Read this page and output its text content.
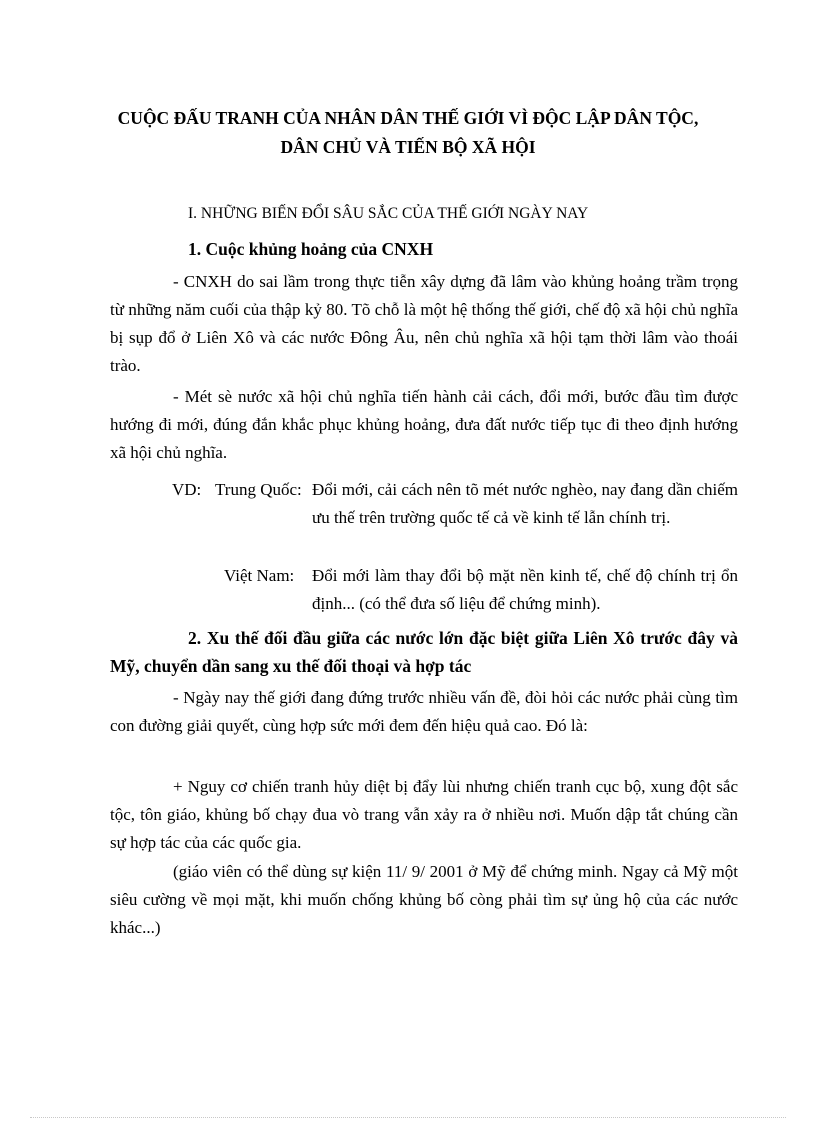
CUỘC ĐẤU TRANH CỦA NHÂN DÂN THẾ GIỚI VÌ ĐỘC LẬP DÂN TỘC, DÂN CHỦ VÀ TIẾN BỘ XÃ HỘI

I. NHỮNG BIẾN ĐỔI SÂU SẮC CỦA THẾ GIỚI NGÀY NAY

1. Cuộc khủng hoảng của CNXH

- CNXH do sai lầm trong thực tiễn xây dựng đã lâm vào khủng hoảng trầm trọng từ những năm cuối của thập kỷ 80. Tõ chỗ là một hệ thống thế giới, chế độ xã hội chủ nghĩa bị sụp đổ ở Liên Xô và các nước Đông Âu, nên chủ nghĩa xã hội tạm thời lâm vào thoái trào.

- Mét sè nước xã hội chủ nghĩa tiến hành cải cách, đổi mới, bước đầu tìm được hướng đi mới, đúng đắn khắc phục khủng hoảng, đưa đất nước tiếp tục đi theo định hướng xã hội chủ nghĩa.

VD: Trung Quốc: Đổi mới, cải cách nên tõ mét nước nghèo, nay đang dần chiếm ưu thế trên trường quốc tế cả về kinh tế lẫn chính trị.

Việt Nam: Đổi mới làm thay đổi bộ mặt nền kinh tế, chế độ chính trị ổn định... (có thể đưa số liệu để chứng minh).

2. Xu thế đối đầu giữa các nước lớn đặc biệt giữa Liên Xô trước đây và Mỹ, chuyển dần sang xu thế đối thoại và hợp tác

- Ngày nay thế giới đang đứng trước nhiều vấn đề, đòi hỏi các nước phải cùng tìm con đường giải quyết, cùng hợp sức mới đem đến hiệu quả cao. Đó là:

+ Nguy cơ chiến tranh hủy diệt bị đẩy lùi nhưng chiến tranh cục bộ, xung đột sắc tộc, tôn giáo, khủng bố chạy đua vò trang vẫn xảy ra ở nhiều nơi. Muốn dập tắt chúng cần sự hợp tác của các quốc gia.

(giáo viên có thể dùng sự kiện 11/ 9/ 2001 ở Mỹ để chứng minh. Ngay cả Mỹ một siêu cường về mọi mặt, khi muốn chống khủng bố còng phải tìm sự ủng hộ của các nước khác...)
